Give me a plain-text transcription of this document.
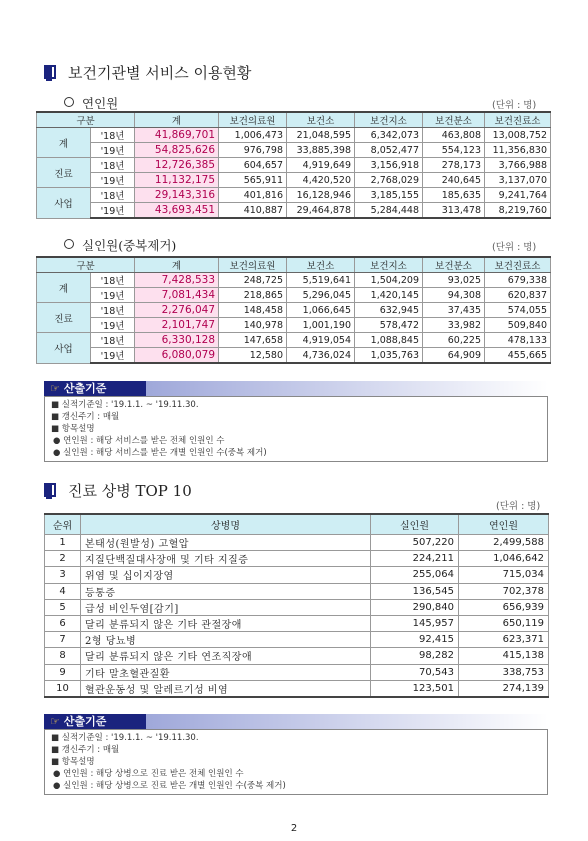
보건기관별 서비스 이용현황
연인원	(단위 : 명)
구분		계	보건의료원	보건소	보건지소	보건분소	보건진료소
계	'18년	41,869,701	1,006,473	21,048,595	6,342,073	463,808	13,008,752
	'19년	54,825,626	976,798	33,885,398	8,052,477	554,123	11,356,830
진료	'18년	12,726,385	604,657	4,919,649	3,156,918	278,173	3,766,988
	'19년	11,132,175	565,911	4,420,520	2,768,029	240,645	3,137,070
사업	'18년	29,143,316	401,816	16,128,946	3,185,155	185,635	9,241,764
	'19년	43,693,451	410,887	29,464,878	5,284,448	313,478	8,219,760
실인원(중복제거)	(단위 : 명)
구분		계	보건의료원	보건소	보건지소	보건분소	보건진료소
계	'18년	7,428,533	248,725	5,519,641	1,504,209	93,025	679,338
	'19년	7,081,434	218,865	5,296,045	1,420,145	94,308	620,837
진료	'18년	2,276,047	148,458	1,066,645	632,945	37,435	574,055
	'19년	2,101,747	140,978	1,001,190	578,472	33,982	509,840
사업	'18년	6,330,128	147,658	4,919,054	1,088,845	60,225	478,133
	'19년	6,080,079	12,580	4,736,024	1,035,763	64,909	455,665
☞ 산출기준
■ 실적기준일 : '19.1.1. ~ '19.11.30.
■ 갱신주기 : 매월
■ 항목설명
● 연인원 : 해당 서비스를 받은 전체 인원인 수
● 실인원 : 해당 서비스를 받은 개별 인원인 수(중복 제거)
진료 상병 TOP 10
(단위 : 명)
순위	상병명	실인원	연인원
1	본태성(원발성) 고혈압	507,220	2,499,588
2	지질단백질대사장애 및 기타 지질증	224,211	1,046,642
3	위염 및 십이지장염	255,064	715,034
4	등통증	136,545	702,378
5	급성 비인두염[감기]	290,840	656,939
6	달리 분류되지 않은 기타 관절장애	145,957	650,119
7	2형 당뇨병	92,415	623,371
8	달리 분류되지 않은 기타 연조직장애	98,282	415,138
9	기타 말초혈관질환	70,543	338,753
10	혈관운동성 및 알레르기성 비염	123,501	274,139
☞ 산출기준
■ 실적기준일 : '19.1.1. ~ '19.11.30.
■ 갱신주기 : 매월
■ 항목설명
● 연인원 : 해당 상병으로 진료 받은 전체 인원인 수
● 실인원 : 해당 상병으로 진료 받은 개별 인원인 수(중복 제거)
2
